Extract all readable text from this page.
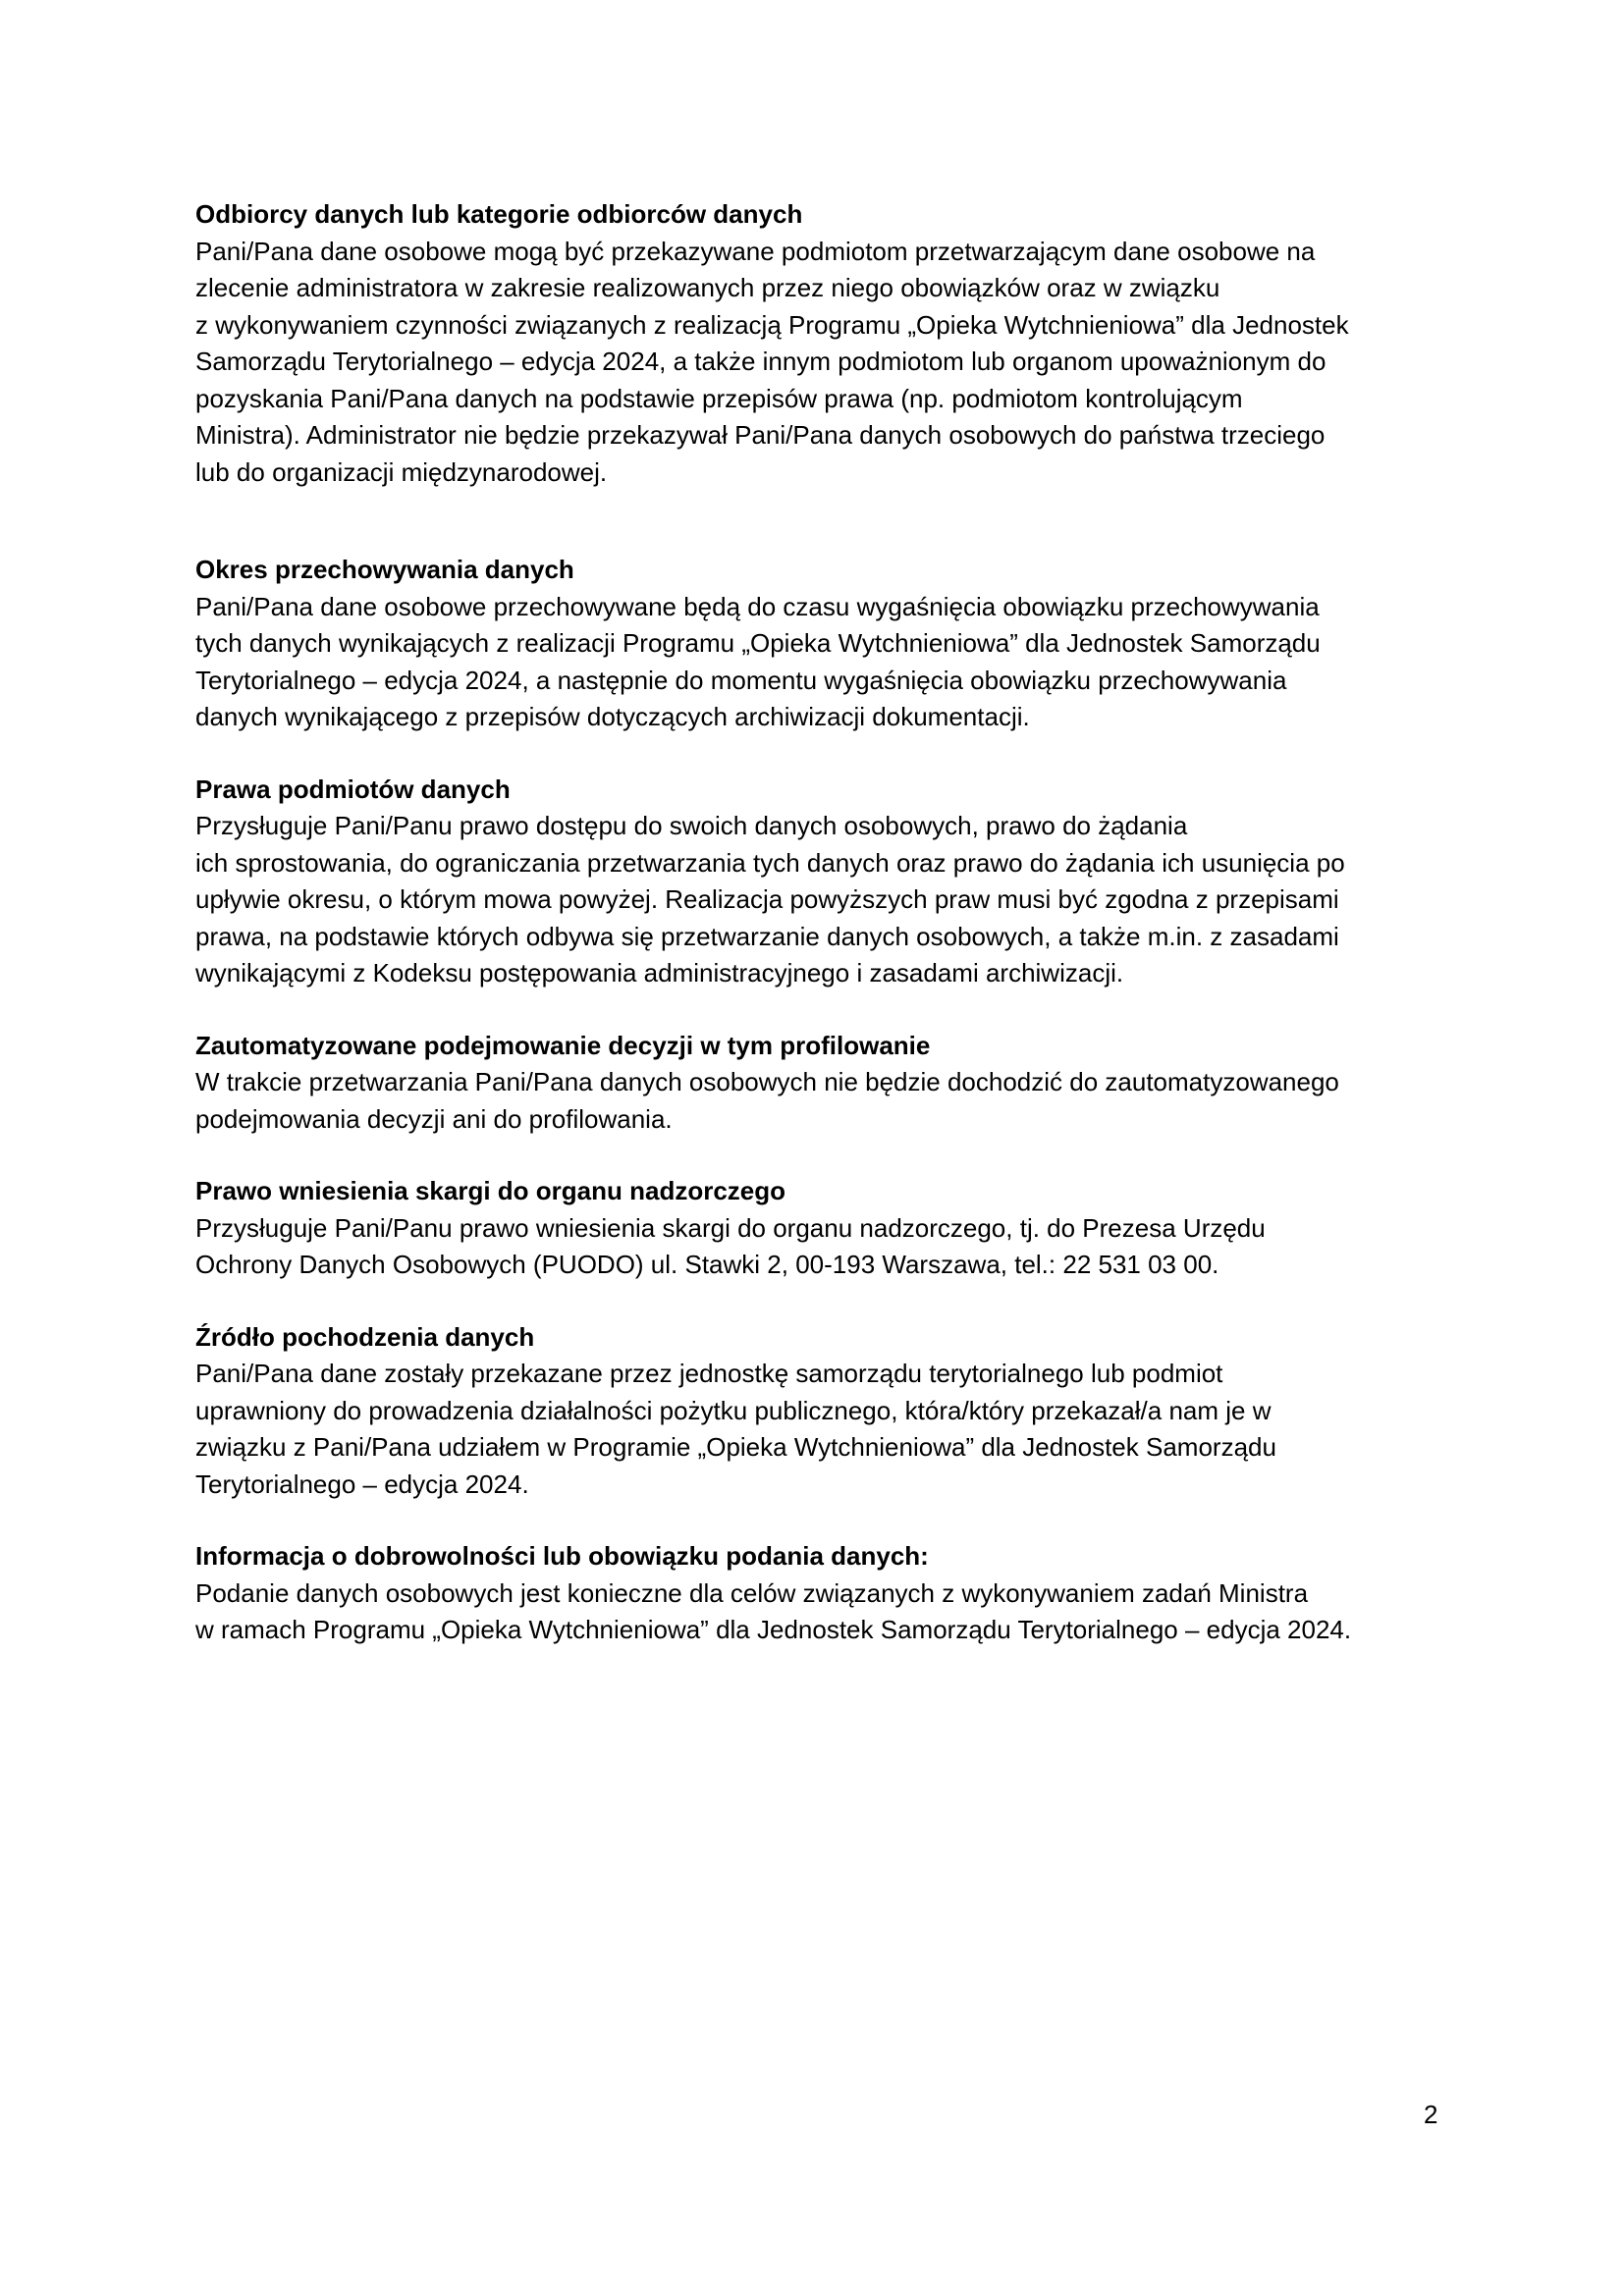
Odbiorcy danych lub kategorie odbiorców danych
Pani/Pana dane osobowe mogą być przekazywane podmiotom przetwarzającym dane osobowe na
zlecenie administratora w zakresie realizowanych przez niego obowiązków oraz w związku
z wykonywaniem czynności związanych z realizacją Programu „Opieka Wytchnieniowa” dla Jednostek
Samorządu Terytorialnego – edycja 2024, a także innym podmiotom lub organom upoważnionym do
pozyskania Pani/Pana danych na podstawie przepisów prawa (np. podmiotom kontrolującym
Ministra). Administrator nie będzie przekazywał Pani/Pana danych osobowych do państwa trzeciego
lub do organizacji międzynarodowej.
Okres przechowywania danych
Pani/Pana dane osobowe przechowywane będą do czasu wygaśnięcia obowiązku przechowywania
tych danych wynikających z realizacji Programu „Opieka Wytchnieniowa” dla Jednostek Samorządu
Terytorialnego – edycja 2024, a następnie do momentu wygaśnięcia obowiązku przechowywania
danych wynikającego z przepisów dotyczących archiwizacji dokumentacji.
Prawa podmiotów danych
Przysługuje Pani/Panu prawo dostępu do swoich danych osobowych, prawo do żądania
ich sprostowania, do ograniczania przetwarzania tych danych oraz prawo do żądania ich usunięcia po
upływie okresu, o którym mowa powyżej. Realizacja powyższych praw musi być zgodna z przepisami
prawa, na podstawie których odbywa się przetwarzanie danych osobowych, a także m.in. z zasadami
wynikającymi z Kodeksu postępowania administracyjnego i zasadami archiwizacji.
Zautomatyzowane podejmowanie decyzji w tym profilowanie
W trakcie przetwarzania Pani/Pana danych osobowych nie będzie dochodzić do zautomatyzowanego
podejmowania decyzji ani do profilowania.
Prawo wniesienia skargi do organu nadzorczego
Przysługuje Pani/Panu prawo wniesienia skargi do organu nadzorczego, tj. do Prezesa Urzędu
Ochrony Danych Osobowych (PUODO) ul. Stawki 2, 00-193 Warszawa, tel.: 22 531 03 00.
Źródło pochodzenia danych
Pani/Pana dane zostały przekazane przez jednostkę samorządu terytorialnego lub podmiot
uprawniony do prowadzenia działalności pożytku publicznego, która/który przekazał/a nam je w
związku z Pani/Pana udziałem w Programie „Opieka Wytchnieniowa” dla Jednostek Samorządu
Terytorialnego – edycja 2024.
Informacja o dobrowolności lub obowiązku podania danych:
Podanie danych osobowych jest konieczne dla celów związanych z wykonywaniem zadań Ministra
w ramach Programu „Opieka Wytchnieniowa” dla Jednostek Samorządu Terytorialnego – edycja 2024.
2
